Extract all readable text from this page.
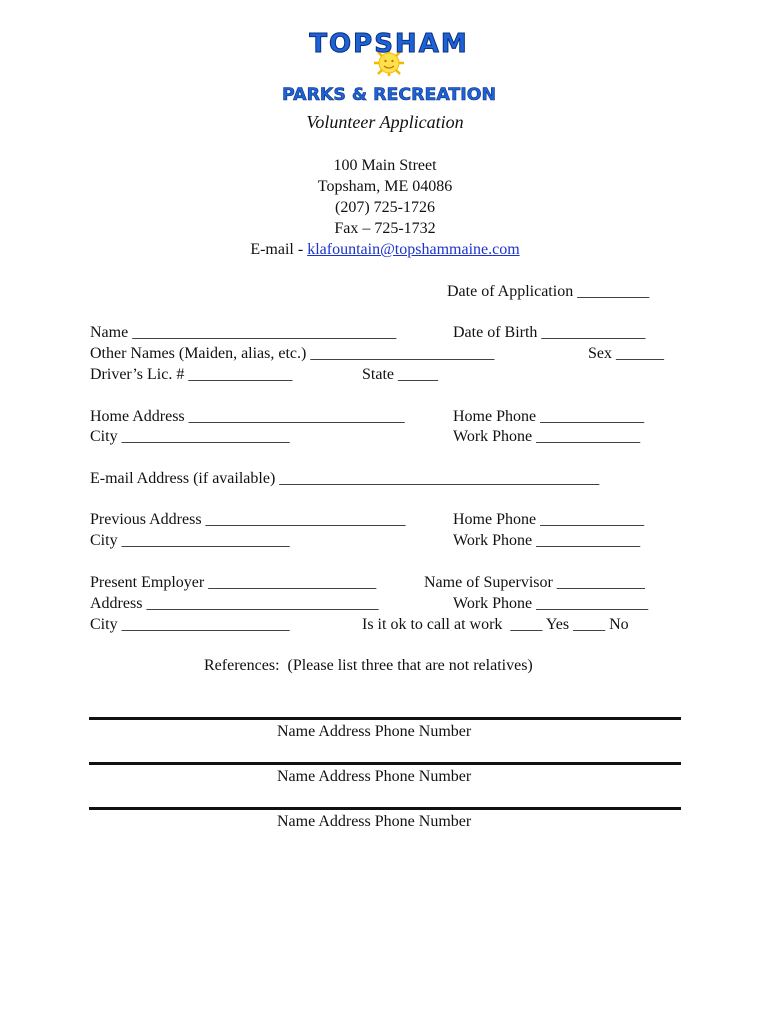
TOPSHAM
PARKS & RECREATION
Volunteer Application
100 Main Street
Topsham, ME 04086
(207) 725-1726
Fax – 725-1732
E-mail - klafountain@topshammaine.com
Date of Application _________
Name _________________________________	Date of Birth _____________
Other Names (Maiden, alias, etc.) _______________________	Sex ______
Driver’s Lic. # _____________	State _____
Home Address ___________________________	Home Phone _____________
City _____________________	Work Phone _____________
E-mail Address (if available) ________________________________________
Previous Address _________________________	Home Phone _____________
City _____________________	Work Phone _____________
Present Employer _____________________	Name of Supervisor ___________
Address _____________________________	Work Phone ______________
City _____________________	Is it ok to call at work  ____ Yes ____ No
References:  (Please list three that are not relatives)
Name Address Phone Number
Name Address Phone Number
Name Address Phone Number
